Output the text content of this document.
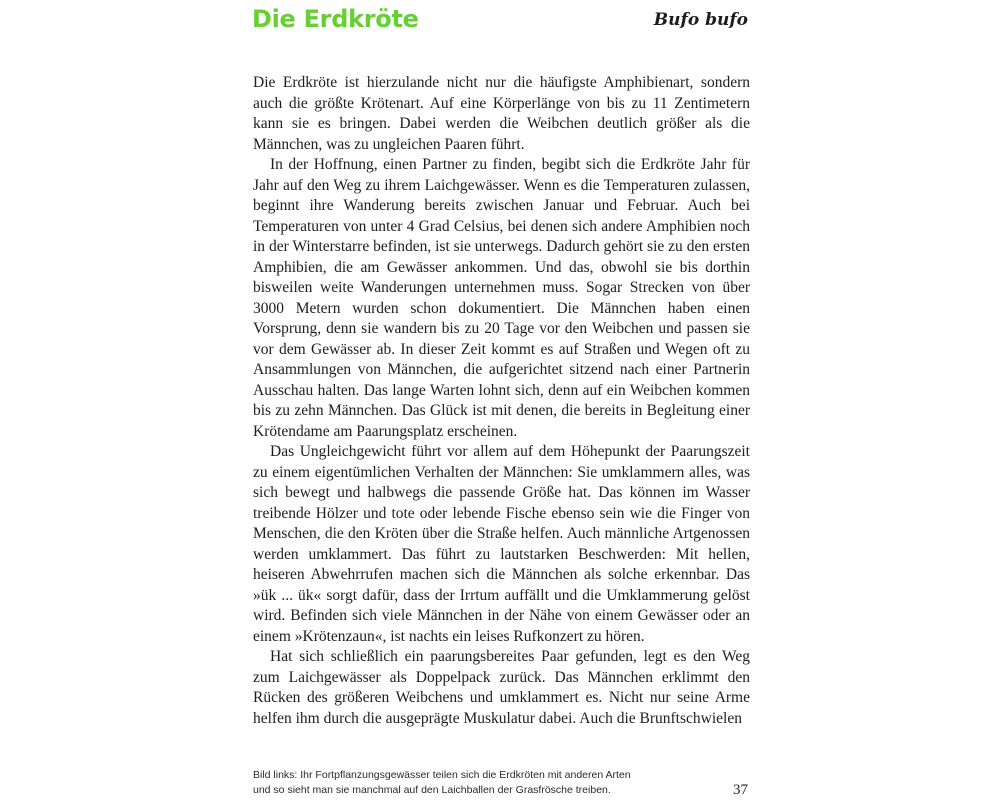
Die Erdkröte	Bufo bufo

Die Erdkröte ist hierzulande nicht nur die häufigste Amphibienart, sondern auch die größte Krötenart. Auf eine Körperlänge von bis zu 11 Zentimetern kann sie es bringen. Dabei werden die Weibchen deutlich größer als die Männchen, was zu ungleichen Paaren führt.

In der Hoffnung, einen Partner zu finden, begibt sich die Erdkröte Jahr für Jahr auf den Weg zu ihrem Laichgewässer. Wenn es die Temperaturen zulassen, beginnt ihre Wanderung bereits zwischen Januar und Februar. Auch bei Temperaturen von unter 4 Grad Celsius, bei denen sich andere Amphibien noch in der Winterstarre befinden, ist sie unterwegs. Dadurch gehört sie zu den ersten Amphibien, die am Gewässer ankommen. Und das, obwohl sie bis dorthin bisweilen weite Wanderungen unternehmen muss. Sogar Strecken von über 3000 Metern wurden schon dokumentiert. Die Männchen haben einen Vorsprung, denn sie wandern bis zu 20 Tage vor den Weibchen und passen sie vor dem Gewässer ab. In dieser Zeit kommt es auf Straßen und Wegen oft zu Ansammlungen von Männchen, die aufgerichtet sitzend nach einer Partnerin Ausschau halten. Das lange Warten lohnt sich, denn auf ein Weibchen kommen bis zu zehn Männchen. Das Glück ist mit denen, die bereits in Begleitung einer Krötendame am Paarungsplatz erscheinen.

Das Ungleichgewicht führt vor allem auf dem Höhepunkt der Paarungszeit zu einem eigentümlichen Verhalten der Männchen: Sie umklammern alles, was sich bewegt und halbwegs die passende Größe hat. Das können im Wasser treibende Hölzer und tote oder lebende Fische ebenso sein wie die Finger von Menschen, die den Kröten über die Straße helfen. Auch männliche Artgenossen werden umklammert. Das führt zu lautstarken Beschwerden: Mit hellen, heiseren Abwehrrufen machen sich die Männchen als solche erkennbar. Das »ük ... ük« sorgt dafür, dass der Irrtum auffällt und die Umklammerung gelöst wird. Befinden sich viele Männchen in der Nähe von einem Gewässer oder an einem »Krötenzaun«, ist nachts ein leises Rufkonzert zu hören.

Hat sich schließlich ein paarungsbereites Paar gefunden, legt es den Weg zum Laichgewässer als Doppelpack zurück. Das Männchen erklimmt den Rücken des größeren Weibchens und umklammert es. Nicht nur seine Arme helfen ihm durch die ausgeprägte Muskulatur dabei. Auch die Brunftschwielen

Bild links: Ihr Fortpflanzungsgewässer teilen sich die Erdkröten mit anderen Arten
und so sieht man sie manchmal auf den Laichballen der Grasfrösche treiben.	37
